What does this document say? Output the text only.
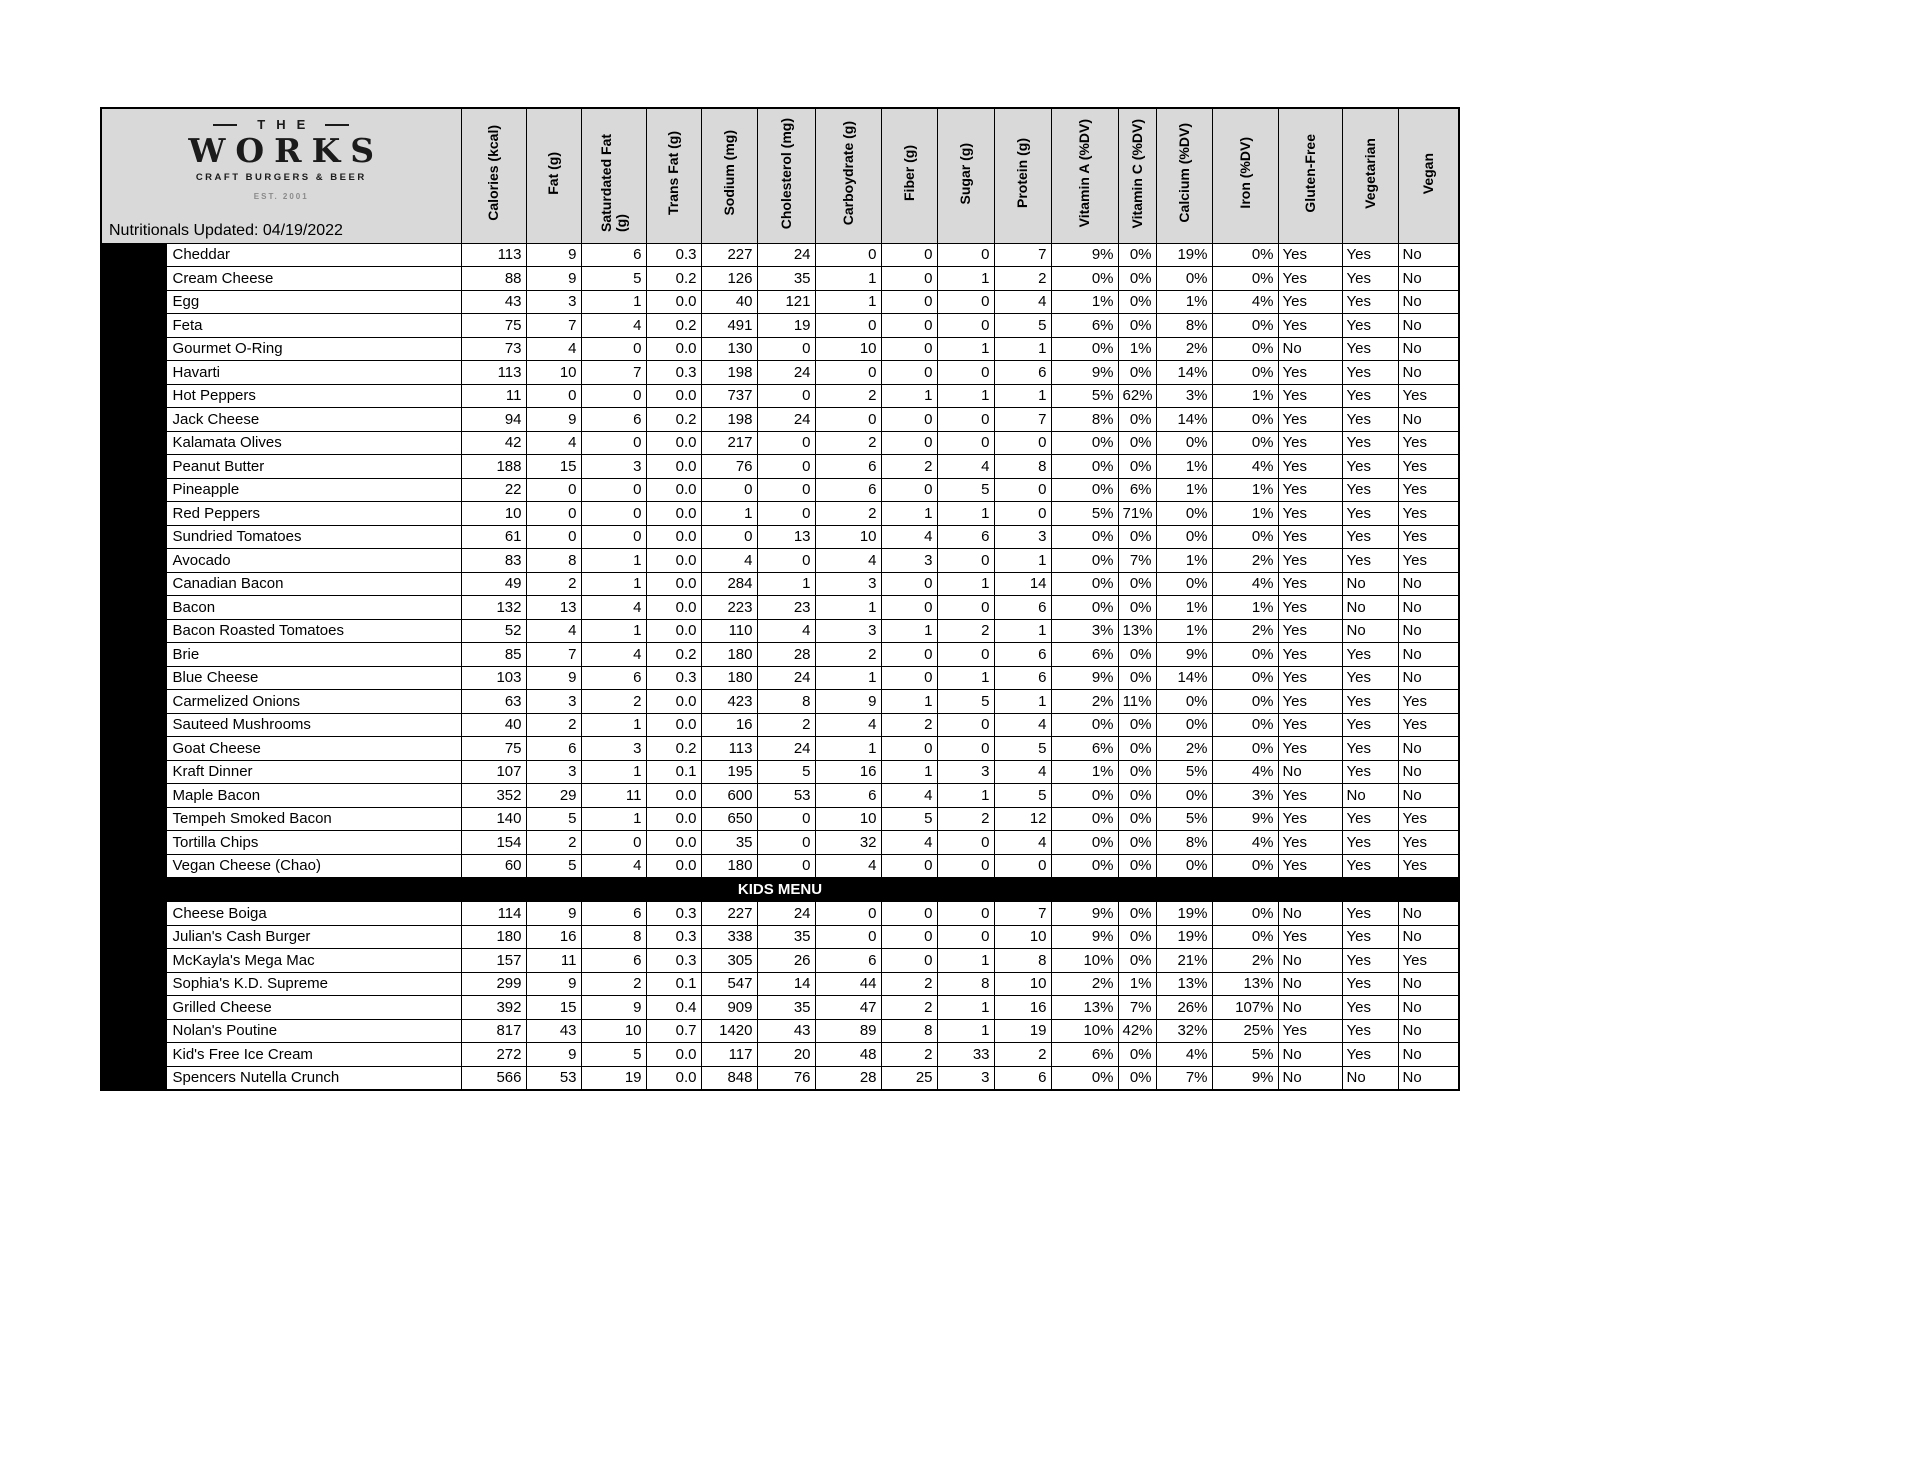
THE
WORKS
CRAFT BURGERS & BEER
EST. 2001
Nutritionals Updated: 04/19/2022		Calories (kcal)	Fat (g)	Saturdated Fat (g)	Trans Fat (g)	Sodium (mg)	Cholesterol (mg)	Carboydrate (g)	Fiber (g)	Sugar (g)	Protein (g)	Vitamin A (%DV)	Vitamin C (%DV)	Calcium (%DV)	Iron (%DV)	Gluten-Free	Vegetarian	Vegan
	Cheddar	113	9	6	0.3	227	24	0	0	0	7	9%	0%	19%	0%	Yes	Yes	No
	Cream Cheese	88	9	5	0.2	126	35	1	0	1	2	0%	0%	0%	0%	Yes	Yes	No
	Egg	43	3	1	0.0	40	121	1	0	0	4	1%	0%	1%	4%	Yes	Yes	No
	Feta	75	7	4	0.2	491	19	0	0	0	5	6%	0%	8%	0%	Yes	Yes	No
	Gourmet O-Ring	73	4	0	0.0	130	0	10	0	1	1	0%	1%	2%	0%	No	Yes	No
	Havarti	113	10	7	0.3	198	24	0	0	0	6	9%	0%	14%	0%	Yes	Yes	No
	Hot Peppers	11	0	0	0.0	737	0	2	1	1	1	5%	62%	3%	1%	Yes	Yes	Yes
	Jack Cheese	94	9	6	0.2	198	24	0	0	0	7	8%	0%	14%	0%	Yes	Yes	No
	Kalamata Olives	42	4	0	0.0	217	0	2	0	0	0	0%	0%	0%	0%	Yes	Yes	Yes
	Peanut Butter	188	15	3	0.0	76	0	6	2	4	8	0%	0%	1%	4%	Yes	Yes	Yes
	Pineapple	22	0	0	0.0	0	0	6	0	5	0	0%	6%	1%	1%	Yes	Yes	Yes
	Red Peppers	10	0	0	0.0	1	0	2	1	1	0	5%	71%	0%	1%	Yes	Yes	Yes
	Sundried Tomatoes	61	0	0	0.0	0	13	10	4	6	3	0%	0%	0%	0%	Yes	Yes	Yes
	Avocado	83	8	1	0.0	4	0	4	3	0	1	0%	7%	1%	2%	Yes	Yes	Yes
	Canadian Bacon	49	2	1	0.0	284	1	3	0	1	14	0%	0%	0%	4%	Yes	No	No
	Bacon	132	13	4	0.0	223	23	1	0	0	6	0%	0%	1%	1%	Yes	No	No
	Bacon Roasted Tomatoes	52	4	1	0.0	110	4	3	1	2	1	3%	13%	1%	2%	Yes	No	No
	Brie	85	7	4	0.2	180	28	2	0	0	6	6%	0%	9%	0%	Yes	Yes	No
	Blue Cheese	103	9	6	0.3	180	24	1	0	1	6	9%	0%	14%	0%	Yes	Yes	No
	Carmelized Onions	63	3	2	0.0	423	8	9	1	5	1	2%	11%	0%	0%	Yes	Yes	Yes
	Sauteed Mushrooms	40	2	1	0.0	16	2	4	2	0	4	0%	0%	0%	0%	Yes	Yes	Yes
	Goat Cheese	75	6	3	0.2	113	24	1	0	0	5	6%	0%	2%	0%	Yes	Yes	No
	Kraft Dinner	107	3	1	0.1	195	5	16	1	3	4	1%	0%	5%	4%	No	Yes	No
	Maple Bacon	352	29	11	0.0	600	53	6	4	1	5	0%	0%	0%	3%	Yes	No	No
	Tempeh Smoked Bacon	140	5	1	0.0	650	0	10	5	2	12	0%	0%	5%	9%	Yes	Yes	Yes
	Tortilla Chips	154	2	0	0.0	35	0	32	4	0	4	0%	0%	8%	4%	Yes	Yes	Yes
	Vegan Cheese (Chao)	60	5	4	0.0	180	0	4	0	0	0	0%	0%	0%	0%	Yes	Yes	Yes
KIDS MENU																		
	Cheese Boiga	114	9	6	0.3	227	24	0	0	0	7	9%	0%	19%	0%	No	Yes	No
	Julian's Cash Burger	180	16	8	0.3	338	35	0	0	0	10	9%	0%	19%	0%	Yes	Yes	No
	McKayla's Mega Mac	157	11	6	0.3	305	26	6	0	1	8	10%	0%	21%	2%	No	Yes	Yes
	Sophia's K.D. Supreme	299	9	2	0.1	547	14	44	2	8	10	2%	1%	13%	13%	No	Yes	No
	Grilled Cheese	392	15	9	0.4	909	35	47	2	1	16	13%	7%	26%	107%	No	Yes	No
	Nolan's Poutine	817	43	10	0.7	1420	43	89	8	1	19	10%	42%	32%	25%	Yes	Yes	No
	Kid's Free Ice Cream	272	9	5	0.0	117	20	48	2	33	2	6%	0%	4%	5%	No	Yes	No
	Spencers Nutella Crunch	566	53	19	0.0	848	76	28	25	3	6	0%	0%	7%	9%	No	No	No
